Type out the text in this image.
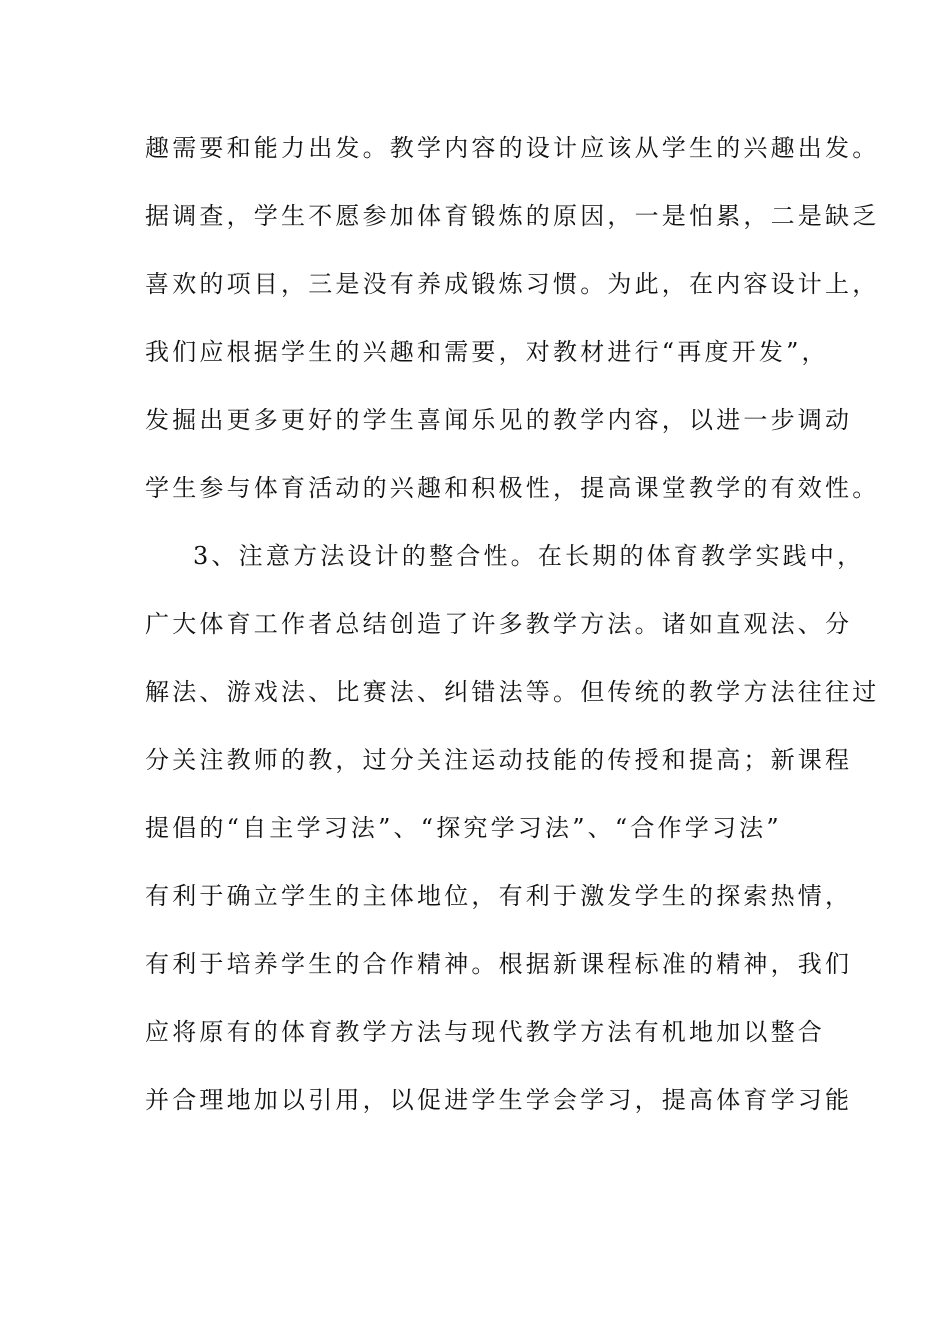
趣需要和能力出发。教学内容的设计应该从学生的兴趣出发。
据调查，学生不愿参加体育锻炼的原因，一是怕累，二是缺乏
喜欢的项目，三是没有养成锻炼习惯。为此，在内容设计上，
我们应根据学生的兴趣和需要，对教材进行“再度开发”，
发掘出更多更好的学生喜闻乐见的教学内容，以进一步调动
学生参与体育活动的兴趣和积极性，提高课堂教学的有效性。
3、注意方法设计的整合性。在长期的体育教学实践中，
广大体育工作者总结创造了许多教学方法。诸如直观法、分
解法、游戏法、比赛法、纠错法等。但传统的教学方法往往过
分关注教师的教，过分关注运动技能的传授和提高；新课程
提倡的“自主学习法”、“探究学习法”、“合作学习法”
有利于确立学生的主体地位，有利于激发学生的探索热情，
有利于培养学生的合作精神。根据新课程标准的精神，我们
应将原有的体育教学方法与现代教学方法有机地加以整合
并合理地加以引用，以促进学生学会学习，提高体育学习能
